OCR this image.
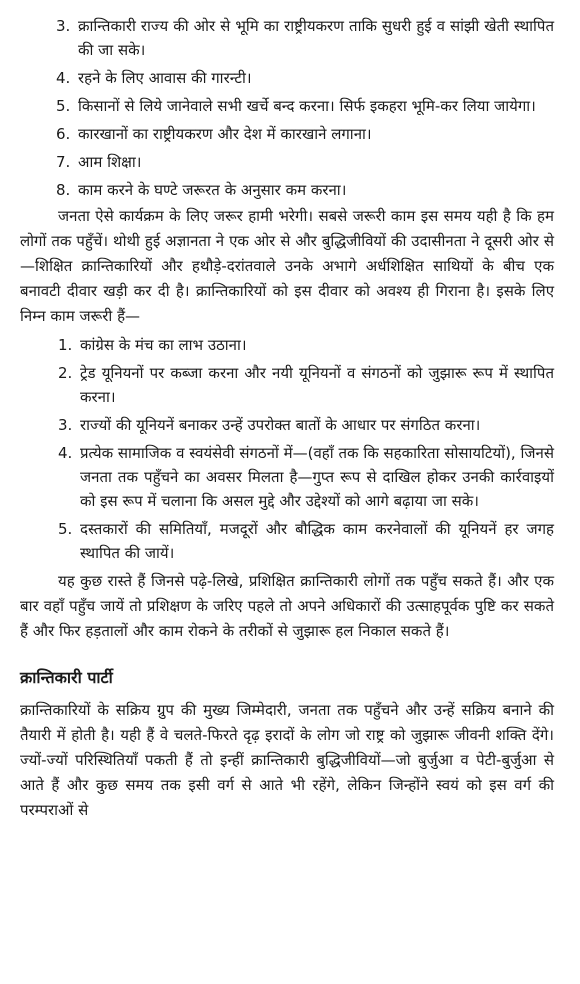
3. क्रान्तिकारी राज्य की ओर से भूमि का राष्ट्रीयकरण ताकि सुधरी हुई व सांझी खेती स्थापित की जा सके।
4. रहने के लिए आवास की गारन्टी।
5. किसानों से लिये जानेवाले सभी खर्चे बन्द करना। सिर्फ इकहरा भूमि-कर लिया जायेगा।
6. कारखानों का राष्ट्रीयकरण और देश में कारखाने लगाना।
7. आम शिक्षा।
8. काम करने के घण्टे जरूरत के अनुसार कम करना।

जनता ऐसे कार्यक्रम के लिए जरूर हामी भरेगी। सबसे जरूरी काम इस समय यही है कि हम लोगों तक पहुँचें। थोथी हुई अज्ञानता ने एक ओर से और बुद्धिजीवियों की उदासीनता ने दूसरी ओर से—शिक्षित क्रान्तिकारियों और हथौड़े-दरांतवाले उनके अभागे अर्धशिक्षित साथियों के बीच एक बनावटी दीवार खड़ी कर दी है। क्रान्तिकारियों को इस दीवार को अवश्य ही गिराना है। इसके लिए निम्न काम जरूरी हैं—

1. कांग्रेस के मंच का लाभ उठाना।
2. ट्रेड यूनियनों पर कब्जा करना और नयी यूनियनों व संगठनों को जुझारू रूप में स्थापित करना।
3. राज्यों की यूनियनें बनाकर उन्हें उपरोक्त बातों के आधार पर संगठित करना।
4. प्रत्येक सामाजिक व स्वयंसेवी संगठनों में—(वहाँ तक कि सहकारिता सोसायटियों), जिनसे जनता तक पहुँचने का अवसर मिलता है—गुप्त रूप से दाखिल होकर उनकी कार्रवाइयों को इस रूप में चलाना कि असल मुद्दे और उद्देश्यों को आगे बढ़ाया जा सके।
5. दस्तकारों की समितियाँ, मजदूरों और बौद्धिक काम करनेवालों की यूनियनें हर जगह स्थापित की जायें।

यह कुछ रास्ते हैं जिनसे पढ़े-लिखे, प्रशिक्षित क्रान्तिकारी लोगों तक पहुँच सकते हैं। और एक बार वहाँ पहुँच जायें तो प्रशिक्षण के जरिए पहले तो अपने अधिकारों की उत्साहपूर्वक पुष्टि कर सकते हैं और फिर हड़तालों और काम रोकने के तरीकों से जुझारू हल निकाल सकते हैं।

क्रान्तिकारी पार्टी

क्रान्तिकारियों के सक्रिय ग्रुप की मुख्य जिम्मेदारी, जनता तक पहुँचने और उन्हें सक्रिय बनाने की तैयारी में होती है। यही हैं वे चलते-फिरते दृढ़ इरादों के लोग जो राष्ट्र को जुझारू जीवनी शक्ति देंगे। ज्यों-ज्यों परिस्थितियाँ पकती हैं तो इन्हीं क्रान्तिकारी बुद्धिजीवियों—जो बुर्जुआ व पेटी-बुर्जुआ से आते हैं और कुछ समय तक इसी वर्ग से आते भी रहेंगे, लेकिन जिन्होंने स्वयं को इस वर्ग की परम्पराओं से
